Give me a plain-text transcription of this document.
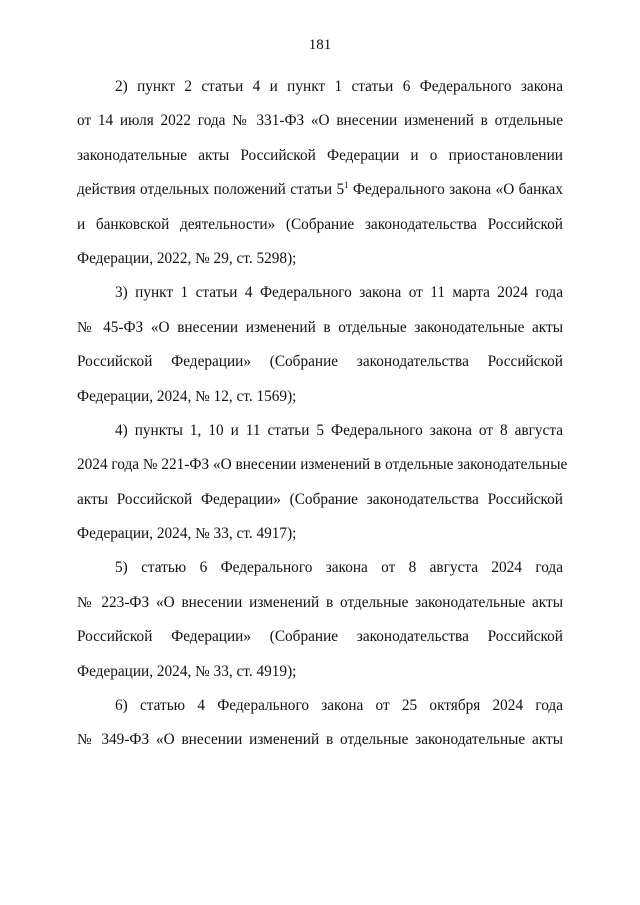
181
2) пункт 2 статьи 4 и пункт 1 статьи 6 Федерального закона
от 14 июля 2022 года № 331-ФЗ «О внесении изменений в отдельные
законодательные акты Российской Федерации и о приостановлении
действия отдельных положений статьи $5^1$ Федерального закона «О банках
и банковской деятельности» (Собрание законодательства Российской
Федерации, 2022, № 29, ст. 5298);
3) пункт 1 статьи 4 Федерального закона от 11 марта 2024 года
№ 45-ФЗ «О внесении изменений в отдельные законодательные акты
Российской Федерации» (Собрание законодательства Российской
Федерации, 2024, № 12, ст. 1569);
4) пункты 1, 10 и 11 статьи 5 Федерального закона от 8 августа
2024 года № 221-ФЗ «О внесении изменений в отдельные законодательные
акты Российской Федерации» (Собрание законодательства Российской
Федерации, 2024, № 33, ст. 4917);
5) статью 6 Федерального закона от 8 августа 2024 года
№ 223-ФЗ «О внесении изменений в отдельные законодательные акты
Российской Федерации» (Собрание законодательства Российской
Федерации, 2024, № 33, ст. 4919);
6) статью 4 Федерального закона от 25 октября 2024 года
№ 349-ФЗ «О внесении изменений в отдельные законодательные акты
